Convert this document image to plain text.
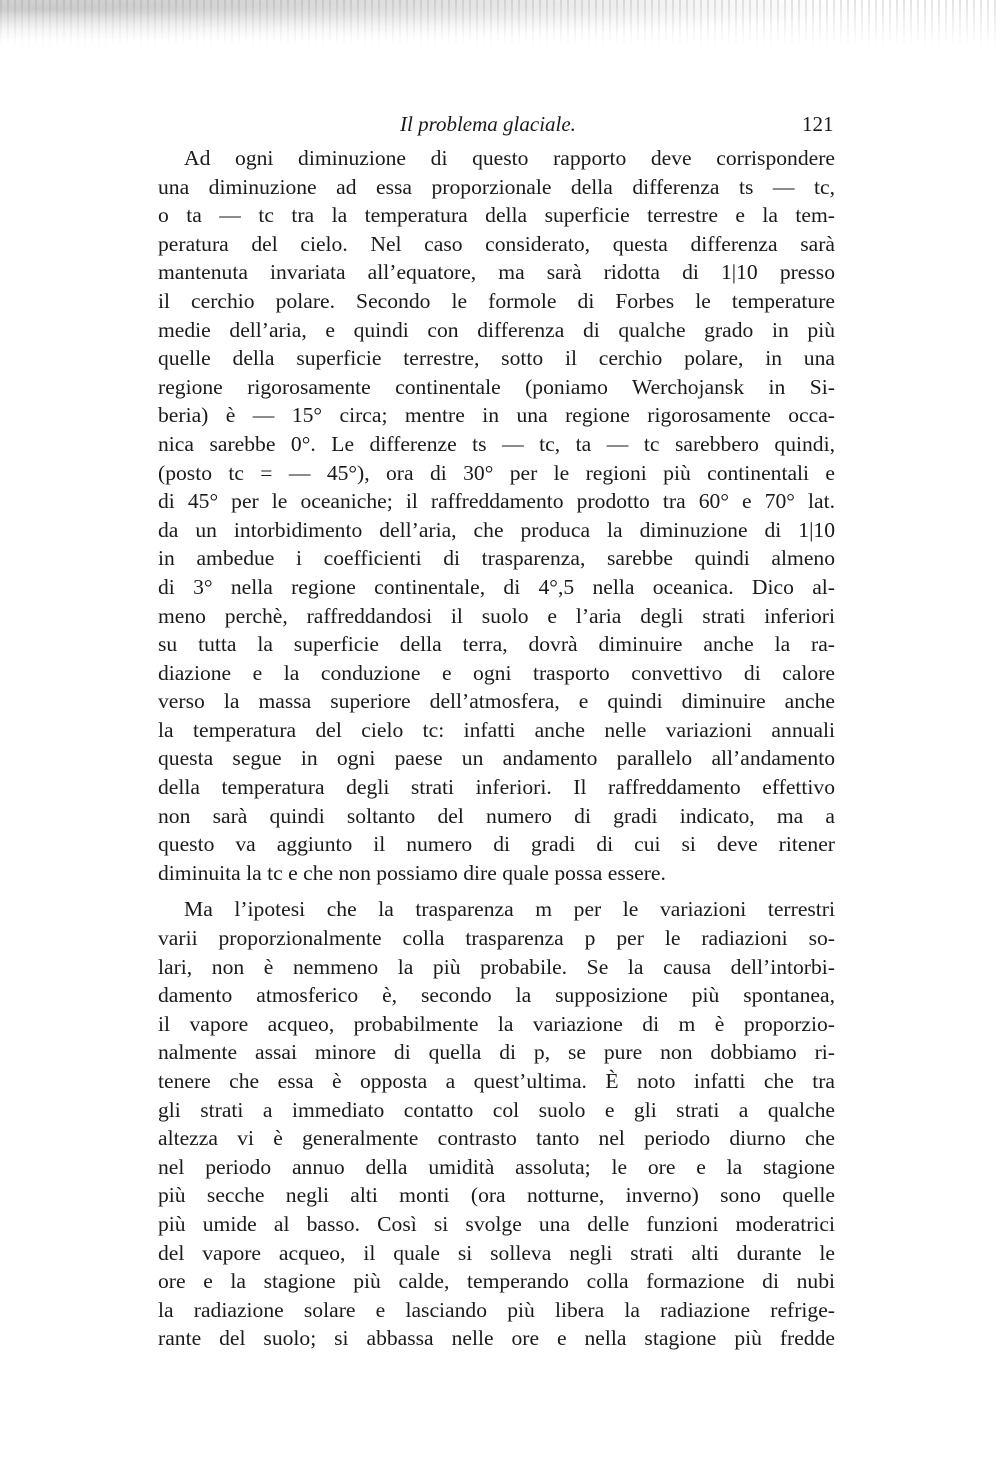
Il problema glaciale.	121
Ad ogni diminuzione di questo rapporto deve corrispondere
una diminuzione ad essa proporzionale della differenza ts — tc,
o ta — tc tra la temperatura della superficie terrestre e la tem-
peratura del cielo. Nel caso considerato, questa differenza sarà
mantenuta invariata all’equatore, ma sarà ridotta di 1|10 presso
il cerchio polare. Secondo le formole di Forbes le temperature
medie dell’aria, e quindi con differenza di qualche grado in più
quelle della superficie terrestre, sotto il cerchio polare, in una
regione rigorosamente continentale (poniamo Werchojansk in Si-
beria) è — 15° circa; mentre in una regione rigorosamente occa-
nica sarebbe 0°. Le differenze ts — tc, ta — tc sarebbero quindi,
(posto tc = — 45°), ora di 30° per le regioni più continentali e
di 45° per le oceaniche; il raffreddamento prodotto tra 60° e 70° lat.
da un intorbidimento dell’aria, che produca la diminuzione di 1|10
in ambedue i coefficienti di trasparenza, sarebbe quindi almeno
di 3° nella regione continentale, di 4°,5 nella oceanica. Dico al-
meno perchè, raffreddandosi il suolo e l’aria degli strati inferiori
su tutta la superficie della terra, dovrà diminuire anche la ra-
diazione e la conduzione e ogni trasporto convettivo di calore
verso la massa superiore dell’atmosfera, e quindi diminuire anche
la temperatura del cielo tc: infatti anche nelle variazioni annuali
questa segue in ogni paese un andamento parallelo all’andamento
della temperatura degli strati inferiori. Il raffreddamento effettivo
non sarà quindi soltanto del numero di gradi indicato, ma a
questo va aggiunto il numero di gradi di cui si deve ritener
diminuita la tc e che non possiamo dire quale possa essere.
Ma l’ipotesi che la trasparenza m per le variazioni terrestri
varii proporzionalmente colla trasparenza p per le radiazioni so-
lari, non è nemmeno la più probabile. Se la causa dell’intorbi-
damento atmosferico è, secondo la supposizione più spontanea,
il vapore acqueo, probabilmente la variazione di m è proporzio-
nalmente assai minore di quella di p, se pure non dobbiamo ri-
tenere che essa è opposta a quest’ultima. È noto infatti che tra
gli strati a immediato contatto col suolo e gli strati a qualche
altezza vi è generalmente contrasto tanto nel periodo diurno che
nel periodo annuo della umidità assoluta; le ore e la stagione
più secche negli alti monti (ora notturne, inverno) sono quelle
più umide al basso. Così si svolge una delle funzioni moderatrici
del vapore acqueo, il quale si solleva negli strati alti durante le
ore e la stagione più calde, temperando colla formazione di nubi
la radiazione solare e lasciando più libera la radiazione refrige-
rante del suolo; si abbassa nelle ore e nella stagione più fredde
